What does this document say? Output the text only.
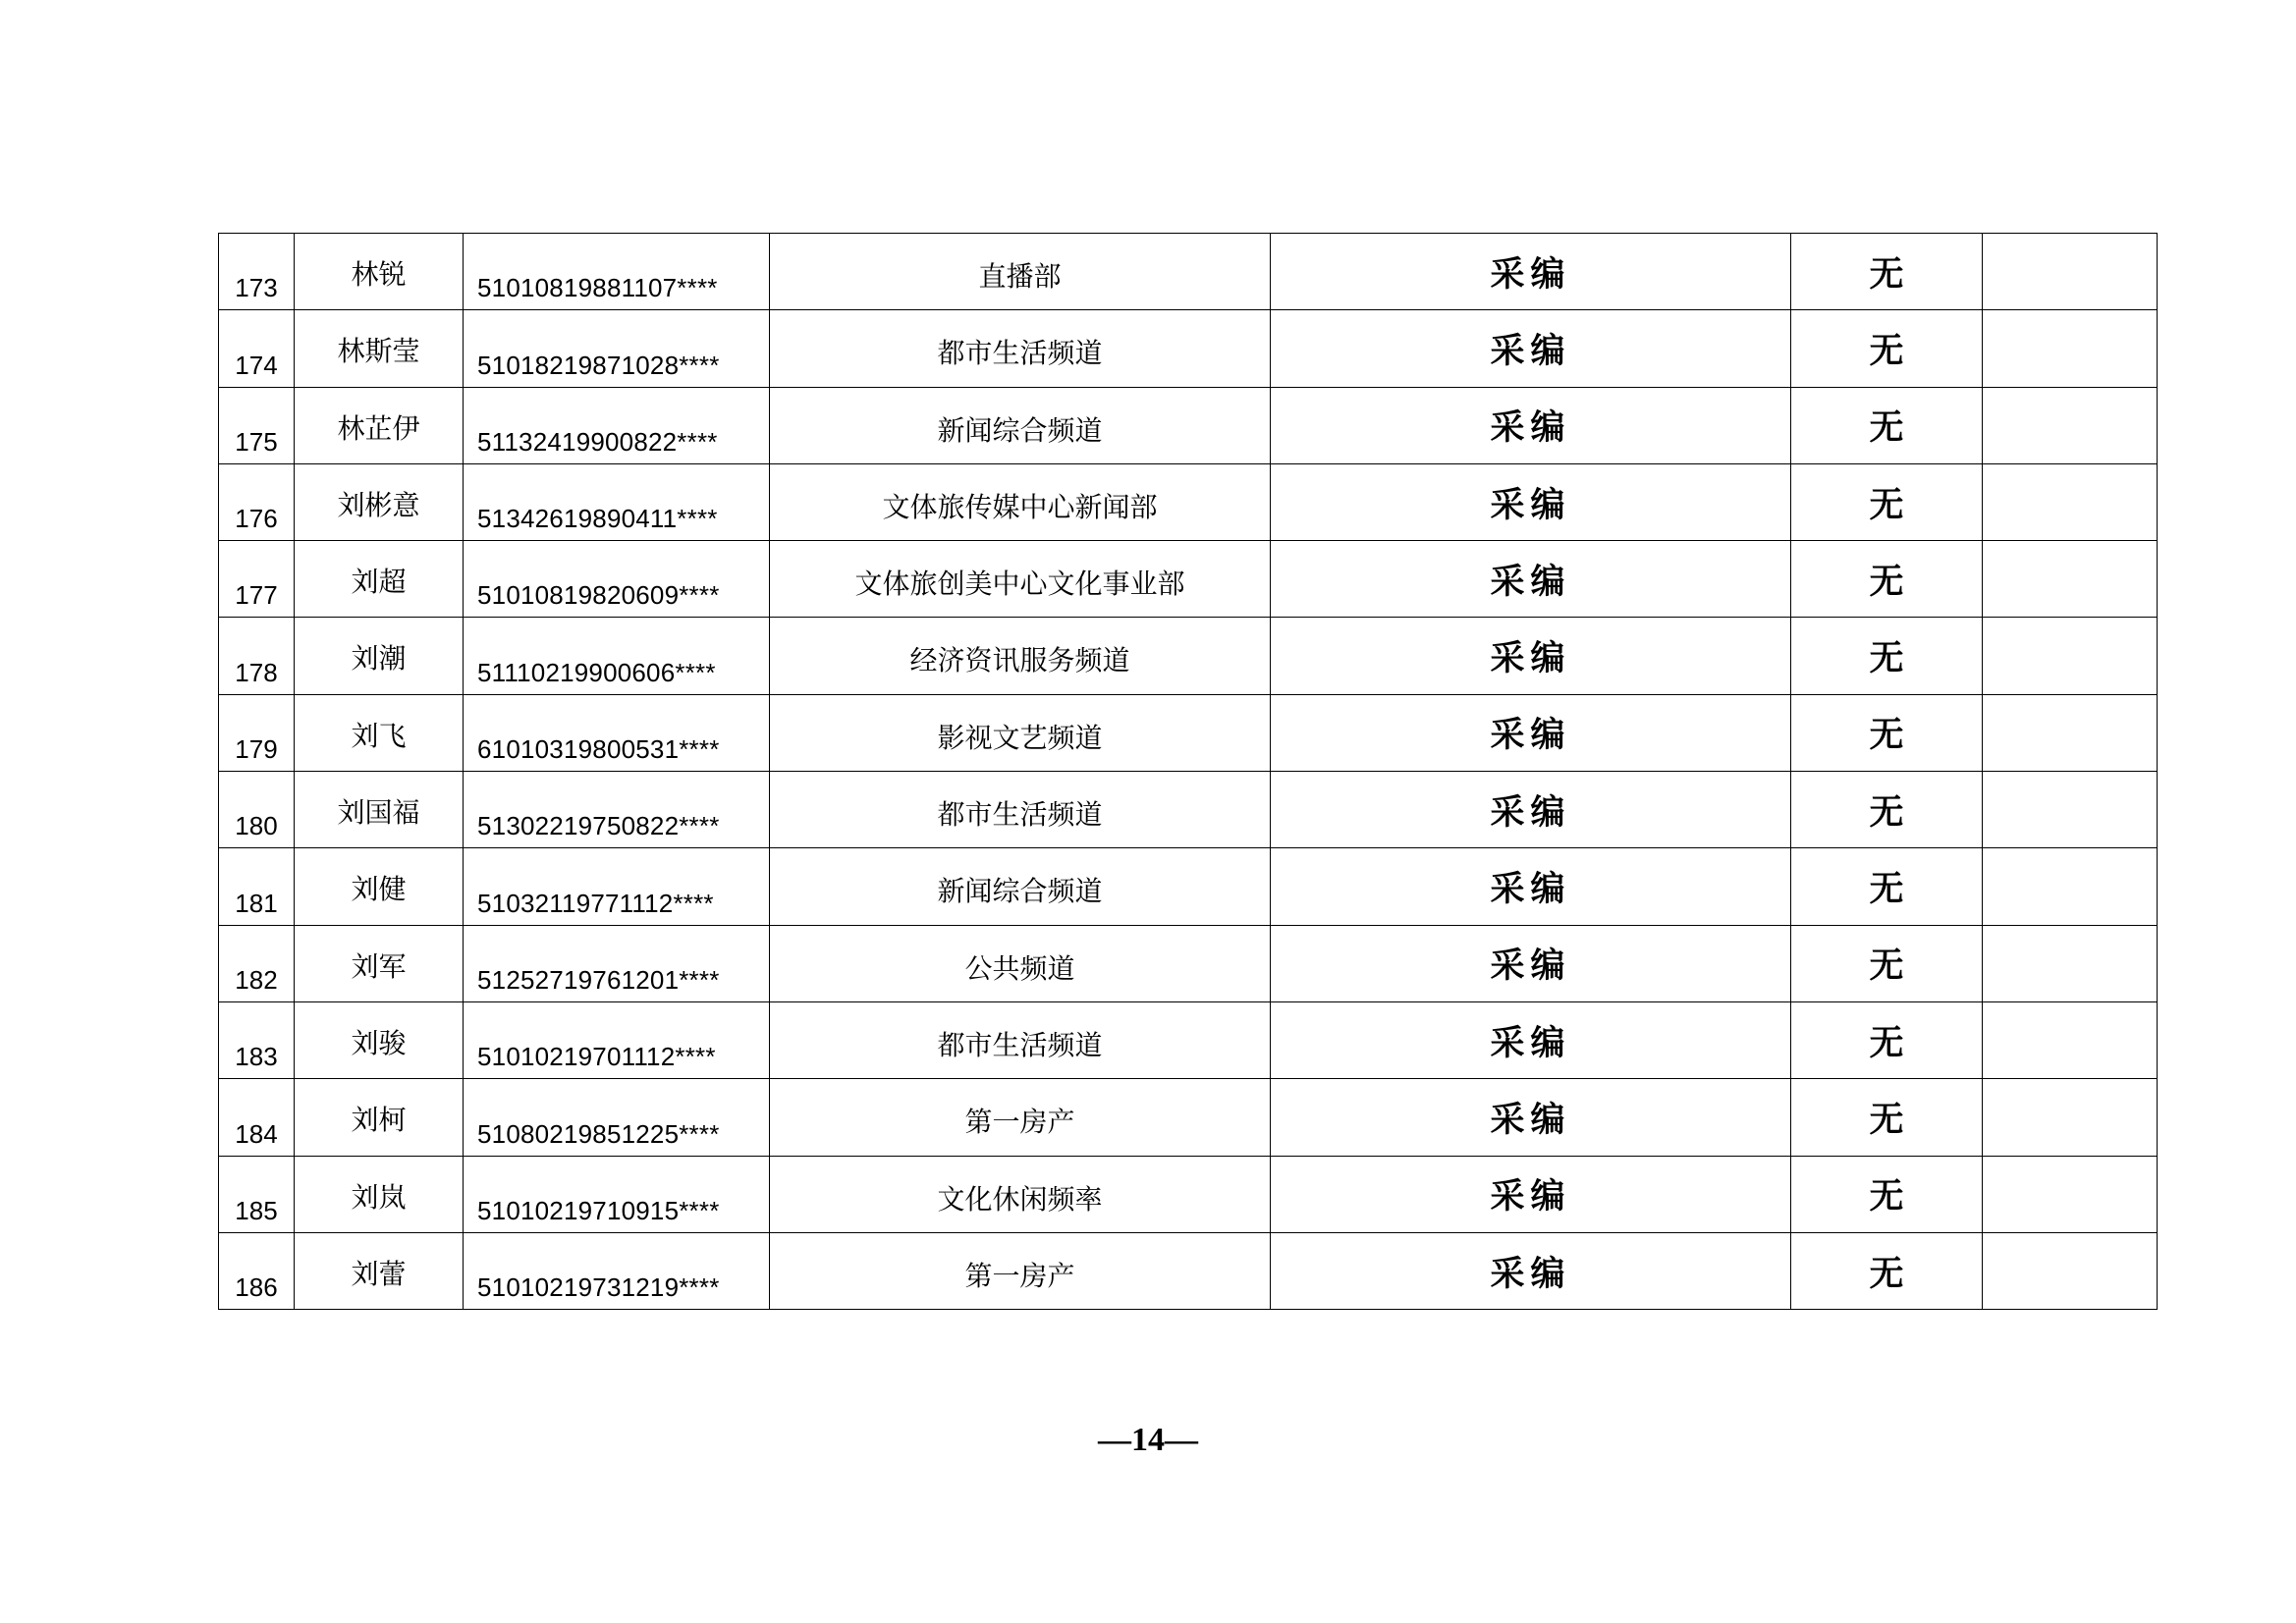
173	林锐	51010819881107****	直播部	采编	无	
174	林斯莹	51018219871028****	都市生活频道	采编	无	
175	林芷伊	51132419900822****	新闻综合频道	采编	无	
176	刘彬意	51342619890411****	文体旅传媒中心新闻部	采编	无	
177	刘超	51010819820609****	文体旅创美中心文化事业部	采编	无	
178	刘潮	51110219900606****	经济资讯服务频道	采编	无	
179	刘飞	61010319800531****	影视文艺频道	采编	无	
180	刘国福	51302219750822****	都市生活频道	采编	无	
181	刘健	51032119771112****	新闻综合频道	采编	无	
182	刘军	51252719761201****	公共频道	采编	无	
183	刘骏	51010219701112****	都市生活频道	采编	无	
184	刘柯	51080219851225****	第一房产	采编	无	
185	刘岚	51010219710915****	文化休闲频率	采编	无	
186	刘蕾	51010219731219****	第一房产	采编	无	
—14—
